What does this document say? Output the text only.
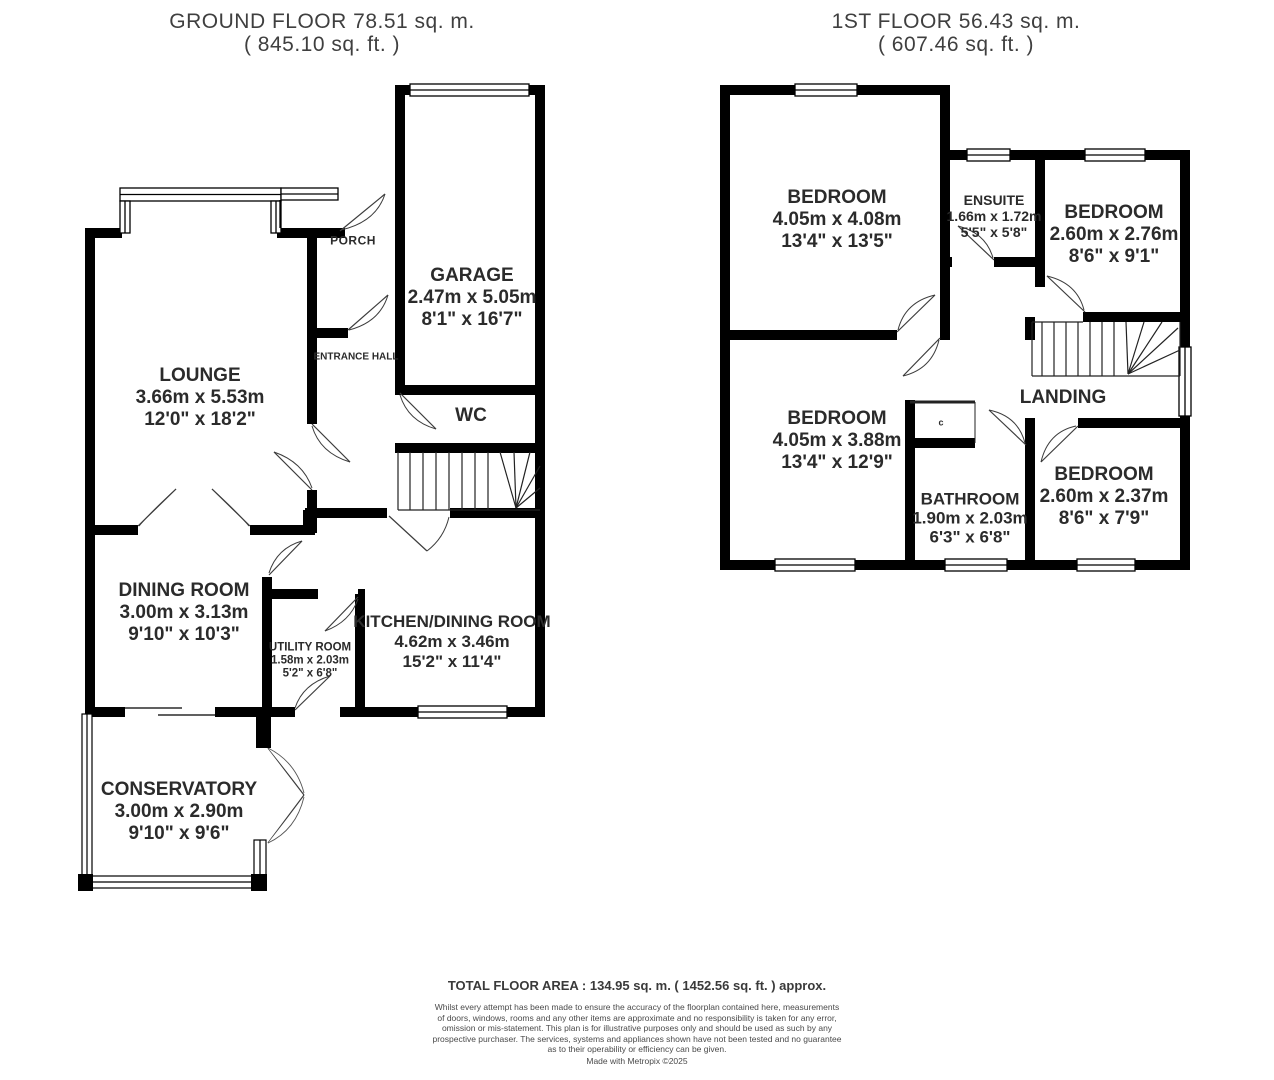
GROUND FLOOR 78.51 sq. m.
( 845.10 sq. ft. )
1ST FLOOR 56.43 sq. m.
( 607.46 sq. ft. )
LOUNGE
3.66m x 5.53m
12'0" x 18'2"
PORCH
GARAGE
2.47m x 5.05m
8'1" x 16'7"
ENTRANCE HALL
WC
DINING ROOM
3.00m x 3.13m
9'10" x 10'3"
UTILITY ROOM
1.58m x 2.03m
5'2" x 6'8"
KITCHEN/DINING ROOM
4.62m x 3.46m
15'2" x 11'4"
CONSERVATORY
3.00m x 2.90m
9'10" x 9'6"
BEDROOM
4.05m x 4.08m
13'4" x 13'5"
ENSUITE
1.66m x 1.72m
5'5" x 5'8"
BEDROOM
2.60m x 2.76m
8'6" x 9'1"
LANDING
BEDROOM
4.05m x 3.88m
13'4" x 12'9"
BATHROOM
1.90m x 2.03m
6'3" x 6'8"
BEDROOM
2.60m x 2.37m
8'6" x 7'9"
c
TOTAL FLOOR AREA : 134.95 sq. m. ( 1452.56 sq. ft. ) approx.
Whilst every attempt has been made to ensure the accuracy of the floorplan contained here, measurements
of doors, windows, rooms and any other items are approximate and no responsibility is taken for any error,
omission or mis-statement. This plan is for illustrative purposes only and should be used as such by any
prospective purchaser. The services, systems and appliances shown have not been tested and no guarantee
as to their operability or efficiency can be given.
Made with Metropix ©2025
